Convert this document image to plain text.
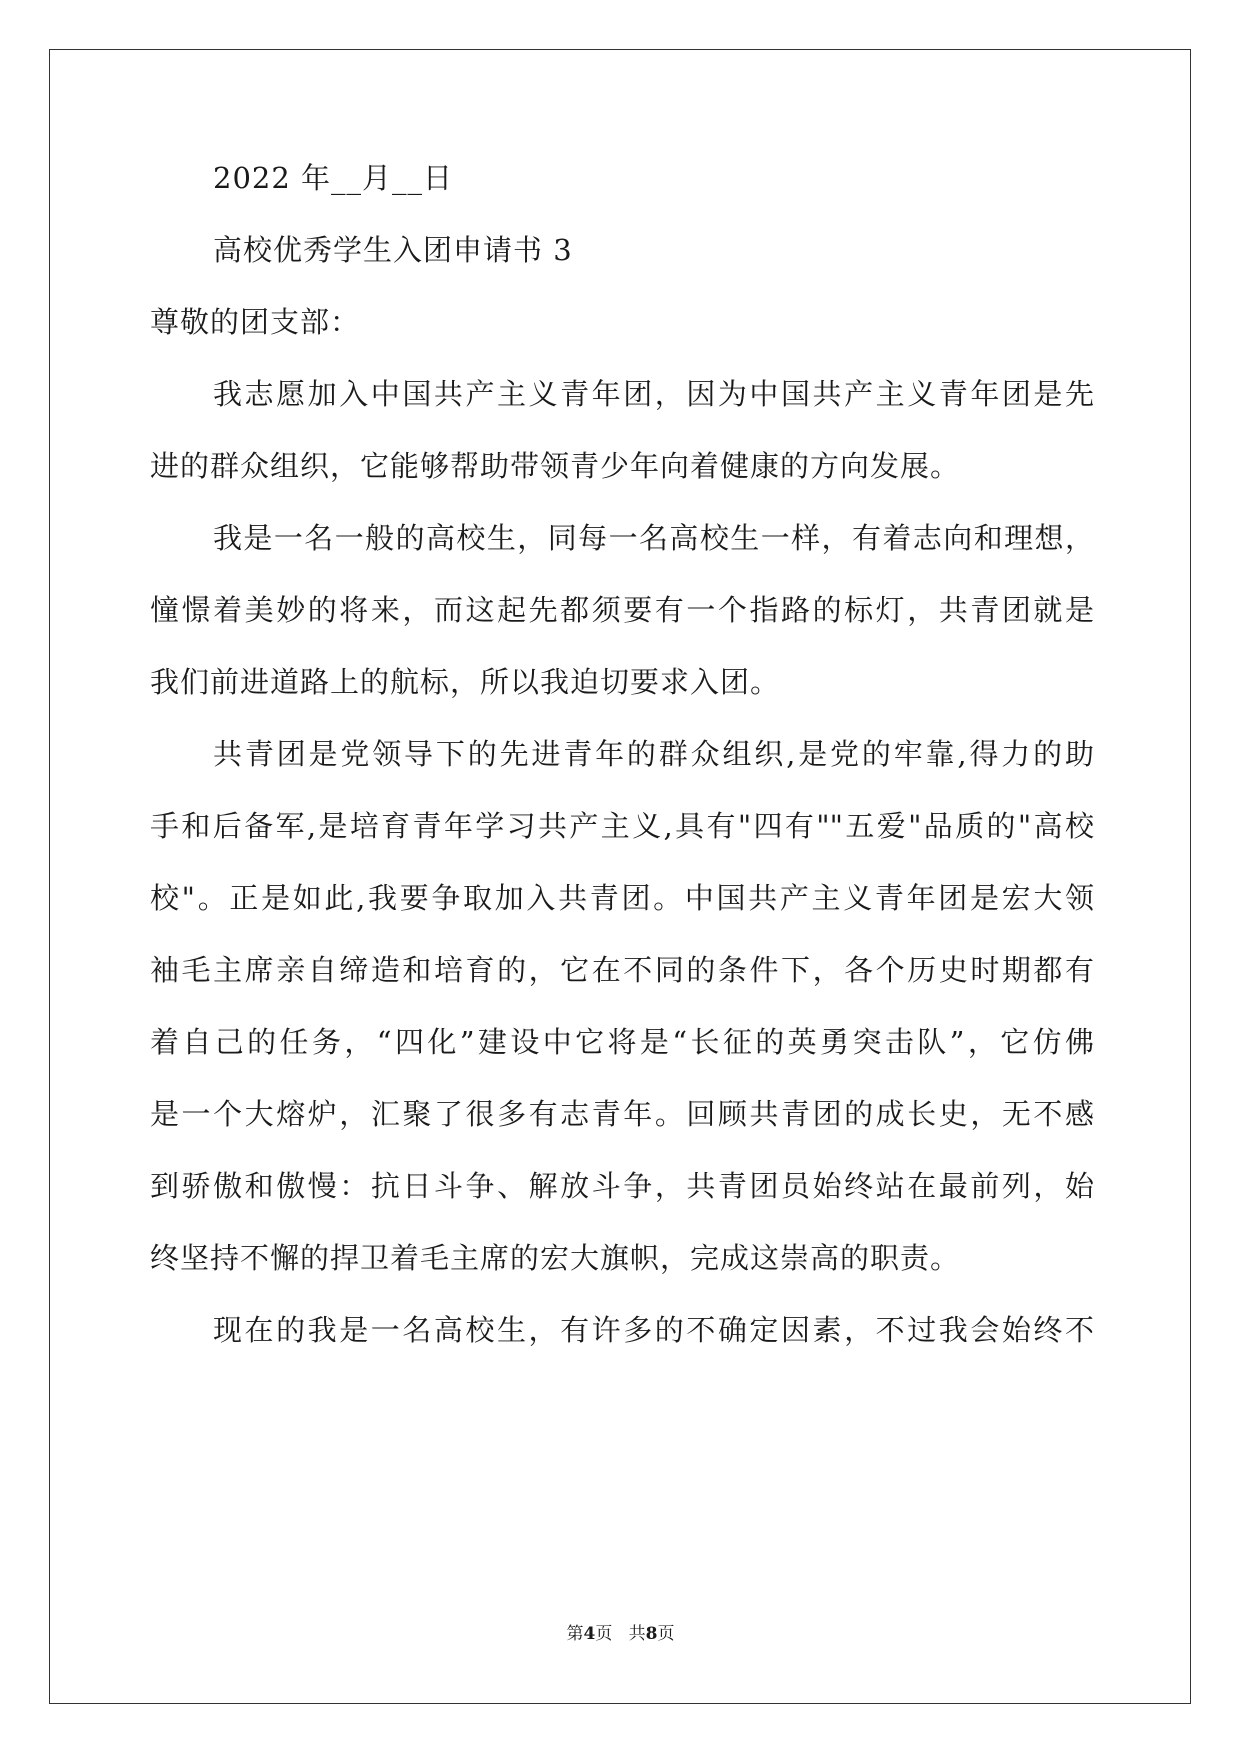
2022 年__月__日
高校优秀学生入团申请书 3
尊敬的团支部：
我志愿加入中国共产主义青年团，因为中国共产主义青年团是先
进的群众组织，它能够帮助带领青少年向着健康的方向发展。
我是一名一般的高校生，同每一名高校生一样，有着志向和理想，
憧憬着美妙的将来，而这起先都须要有一个指路的标灯，共青团就是
我们前进道路上的航标，所以我迫切要求入团。
共青团是党领导下的先进青年的群众组织,是党的牢靠,得力的助
手和后备军,是培育青年学习共产主义,具有"四有""五爱"品质的"高校
校"。正是如此,我要争取加入共青团。中国共产主义青年团是宏大领
袖毛主席亲自缔造和培育的，它在不同的条件下，各个历史时期都有
着自己的任务，“四化”建设中它将是“长征的英勇突击队”，它仿佛
是一个大熔炉，汇聚了很多有志青年。回顾共青团的成长史，无不感
到骄傲和傲慢：抗日斗争、解放斗争，共青团员始终站在最前列，始
终坚持不懈的捍卫着毛主席的宏大旗帜，完成这崇高的职责。
现在的我是一名高校生，有许多的不确定因素，不过我会始终不
第4页 共8页
